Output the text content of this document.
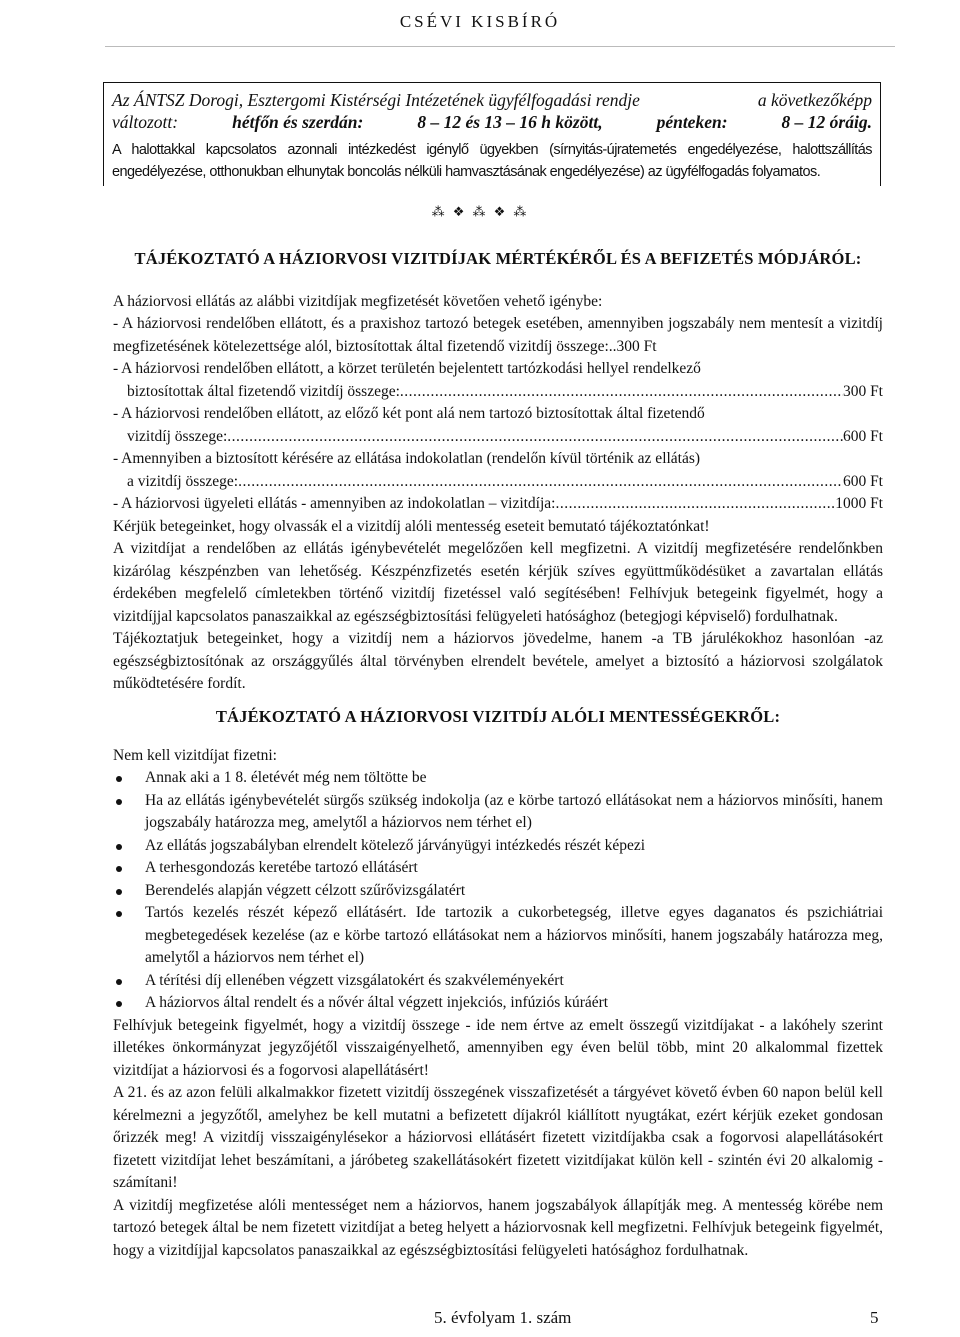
CSÉVI KISBÍRÓ
Az ÁNTSZ Dorogi, Esztergomi Kistérségi Intézetének ügyfélfogadási rendje	a következőképp
változott:	hétfőn és szerdán:	8 – 12 és 13 – 16 h között,	pénteken:	8 – 12 óráig.
A halottakkal kapcsolatos azonnali intézkedést igénylő ügyekben (sírnyitás-újratemetés engedélyezése, halottszállítás engedélyezése, otthonukban elhunytak boncolás nélküli hamvasztásának engedélyezése) az ügyfélfogadás folyamatos.
⁂ ❖ ⁂ ❖ ⁂
TÁJÉKOZTATÓ A HÁZIORVOSI VIZITDÍJAK MÉRTÉKÉRŐL ÉS A BEFIZETÉS MÓDJÁRÓL:

A háziorvosi ellátás az alábbi vizitdíjak megfizetését követően vehető igénybe:

- A háziorvosi rendelőben ellátott, és a praxishoz tartozó betegek esetében, amennyiben jogszabály nem mentesít a vizitdíj megfizetésének kötelezettsége alól, biztosítottak által fizetendő vizitdíj összege:..300 Ft

- A háziorvosi rendelőben ellátott, a körzet területén bejelentett tartózkodási hellyel rendelkező

biztosítottak által fizetendő vizitdíj összege: .....	300 Ft

- A háziorvosi rendelőben ellátott, az előző két pont alá nem tartozó biztosítottak által fizetendő

vizitdíj összege: .....	600 Ft

- Amennyiben a biztosított kérésére az ellátása indokolatlan (rendelőn kívül történik az ellátás)

a vizitdíj összege: .....	600 Ft
- A háziorvosi ügyeleti ellátás - amennyiben az indokolatlan – vizitdíja: .....	1000 Ft

Kérjük betegeinket, hogy olvassák el a vizitdíj alóli mentesség eseteit bemutató tájékoztatónkat!

A vizitdíjat a rendelőben az ellátás igénybevételét megelőzően kell megfizetni. A vizitdíj megfizetésére rendelőnkben kizárólag készpénzben van lehetőség. Készpénzfizetés esetén kérjük szíves együttműködésüket a zavartalan ellátás érdekében megfelelő címletekben történő vizitdíj fizetéssel való segítésében! Felhívjuk betegeink figyelmét, hogy a vizitdíjjal kapcsolatos panaszaikkal az egészségbiztosítási felügyeleti hatósághoz (betegjogi képviselő) fordulhatnak.

Tájékoztatjuk betegeinket, hogy a vizitdíj nem a háziorvos jövedelme, hanem -a TB járulékokhoz hasonlóan -az egészségbiztosítónak az országgyűlés által törvényben elrendelt bevétele, amelyet a biztosító a háziorvosi szolgálatok működtetésére fordít.

TÁJÉKOZTATÓ A HÁZIORVOSI VIZITDÍJ ALÓLI MENTESSÉGEKRŐL:

Nem kell vizitdíjat fizetni:

Annak aki a 1 8. életévét még nem töltötte be
Ha az ellátás igénybevételét sürgős szükség indokolja (az e körbe tartozó ellátásokat nem a háziorvos minősíti, hanem jogszabály határozza meg, amelytől a háziorvos nem térhet el)
Az ellátás jogszabályban elrendelt kötelező járványügyi intézkedés részét képezi
A terhesgondozás keretébe tartozó ellátásért
Berendelés alapján végzett célzott szűrővizsgálatért
Tartós kezelés részét képező ellátásért. Ide tartozik a cukorbetegség, illetve egyes daganatos és pszichiátriai megbetegedések kezelése (az e körbe tartozó ellátásokat nem a háziorvos minősíti, hanem jogszabály határozza meg, amelytől a háziorvos nem térhet el)
A térítési díj ellenében végzett vizsgálatokért és szakvéleményekért
A háziorvos által rendelt és a nővér által végzett injekciós, infúziós kúráért

Felhívjuk betegeink figyelmét, hogy a vizitdíj összege - ide nem értve az emelt összegű vizitdíjakat - a lakóhely szerint illetékes önkormányzat jegyzőjétől visszaigényelhető, amennyiben egy éven belül több, mint 20 alkalommal fizettek vizitdíjat a háziorvosi és a fogorvosi alapellátásért!

A 21. és az azon felüli alkalmakkor fizetett vizitdíj összegének visszafizetését a tárgyévet követő évben 60 napon belül kell kérelmezni a jegyzőtől, amelyhez be kell mutatni a befizetett díjakról kiállított nyugtákat, ezért kérjük ezeket gondosan őrizzék meg! A vizitdíj visszaigénylésekor a háziorvosi ellátásért fizetett vizitdíjakba csak a fogorvosi alapellátásokért fizetett vizitdíjat lehet beszámítani, a járóbeteg szakellátásokért fizetett vizitdíjakat külön kell - szintén évi 20 alkalomig -számítani!

A vizitdíj megfizetése alóli mentességet nem a háziorvos, hanem jogszabályok állapítják meg. A mentesség körébe nem tartozó betegek által be nem fizetett vizitdíjat a beteg helyett a háziorvosnak kell megfizetni. Felhívjuk betegeink figyelmét, hogy a vizitdíjjal kapcsolatos panaszaikkal az egészségbiztosítási felügyeleti hatósághoz fordulhatnak.

5. évfolyam 1. szám	5
